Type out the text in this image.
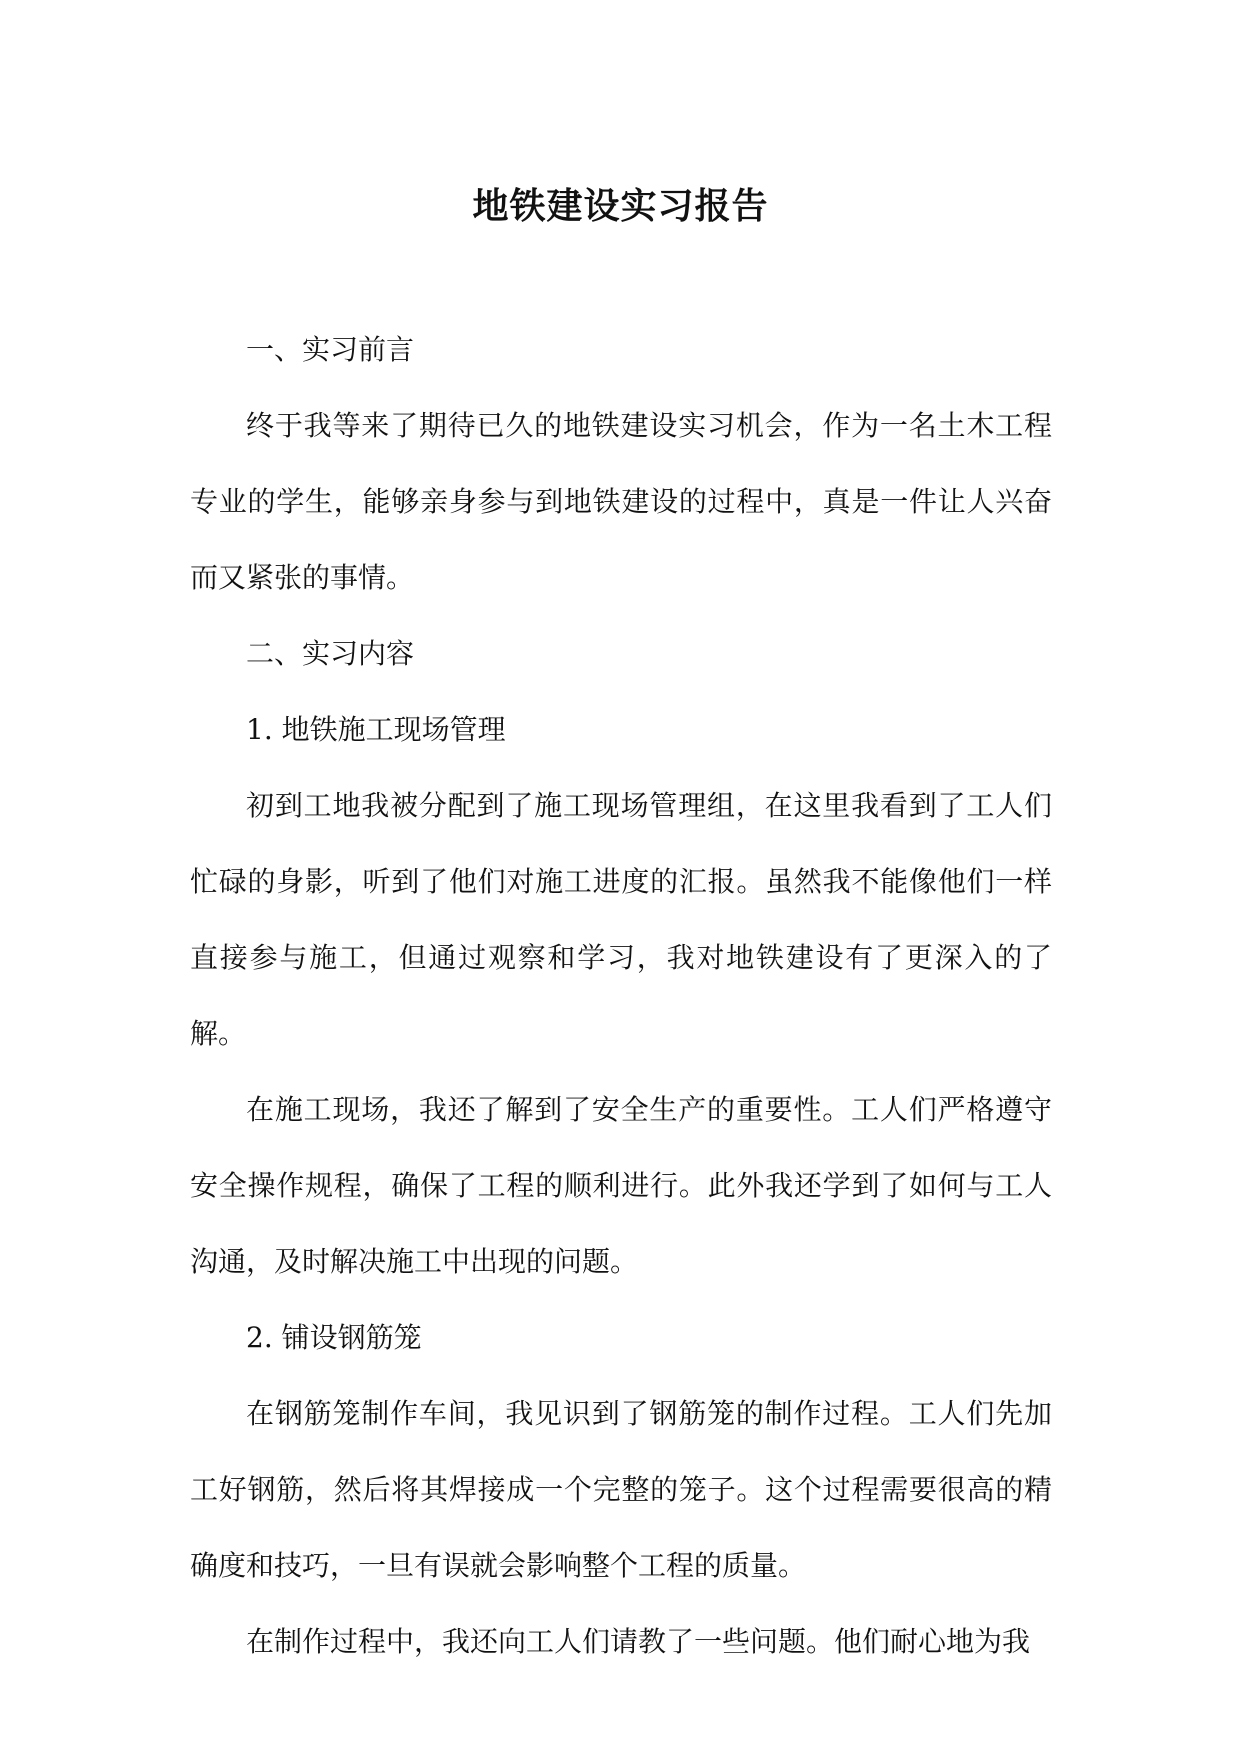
地铁建设实习报告

一、实习前言

终于我等来了期待已久的地铁建设实习机会，作为一名土木工程专业的学生，能够亲身参与到地铁建设的过程中，真是一件让人兴奋而又紧张的事情。

二、实习内容

1. 地铁施工现场管理

初到工地我被分配到了施工现场管理组，在这里我看到了工人们忙碌的身影，听到了他们对施工进度的汇报。虽然我不能像他们一样直接参与施工，但通过观察和学习，我对地铁建设有了更深入的了解。

在施工现场，我还了解到了安全生产的重要性。工人们严格遵守安全操作规程，确保了工程的顺利进行。此外我还学到了如何与工人沟通，及时解决施工中出现的问题。

2. 铺设钢筋笼

在钢筋笼制作车间，我见识到了钢筋笼的制作过程。工人们先加工好钢筋，然后将其焊接成一个完整的笼子。这个过程需要很高的精确度和技巧，一旦有误就会影响整个工程的质量。

在制作过程中，我还向工人们请教了一些问题。他们耐心地为我
